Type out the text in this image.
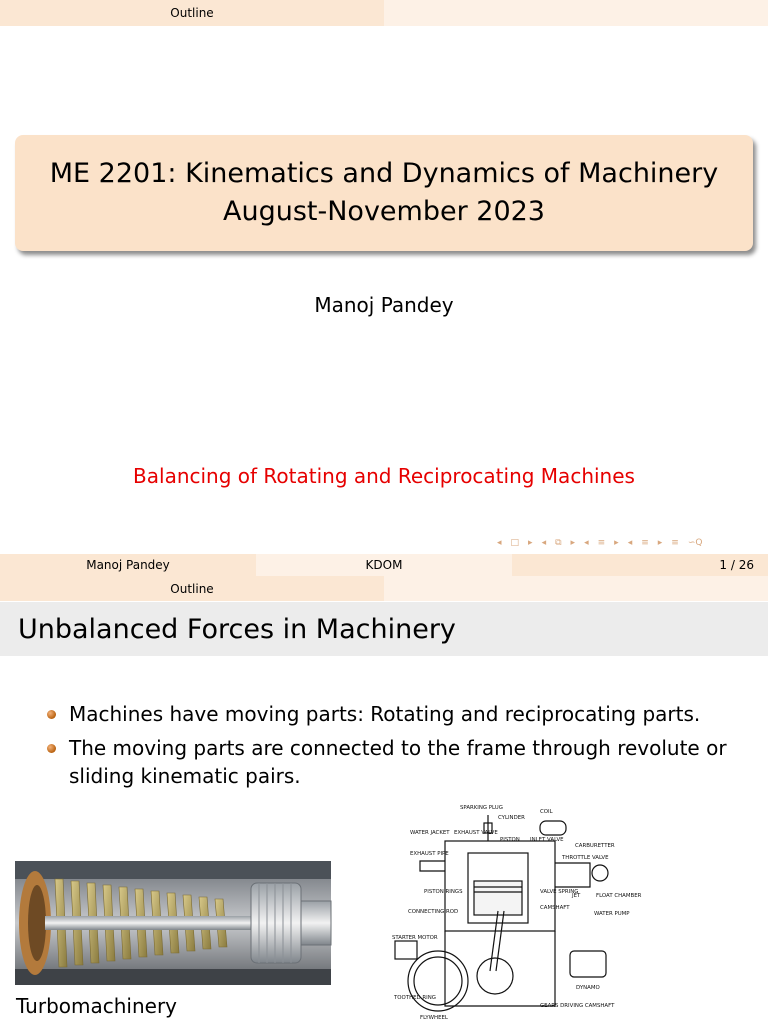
Outline
ME 2201: Kinematics and Dynamics of Machinery
August-November 2023
Manoj Pandey
Balancing of Rotating and Reciprocating Machines
◂ □ ▸ ◂ ⧉ ▸ ◂ ≡ ▸ ◂ ≡ ▸ ≡ ∽Q
Manoj Pandey	KDOM	1 / 26
Outline
Unbalanced Forces in Machinery
Machines have moving parts: Rotating and reciprocating parts.
The moving parts are connected to the frame through revolute or sliding kinematic pairs.
Turbomachinery
SPARKING PLUG
COIL
CYLINDER
WATER JACKET EXHAUST VALVE
INLET VALVE
PISTON
CARBURETTER
EXHAUST PIPE
THROTTLE VALVE
PISTON RINGS	VALVE SPRING
JET	FLOAT CHAMBER
CONNECTING ROD
CAMSHAFT
WATER PUMP
STARTER MOTOR
DYNAMO
TOOTHED RING
GEARS DRIVING CAMSHAFT
FLYWHEEL
